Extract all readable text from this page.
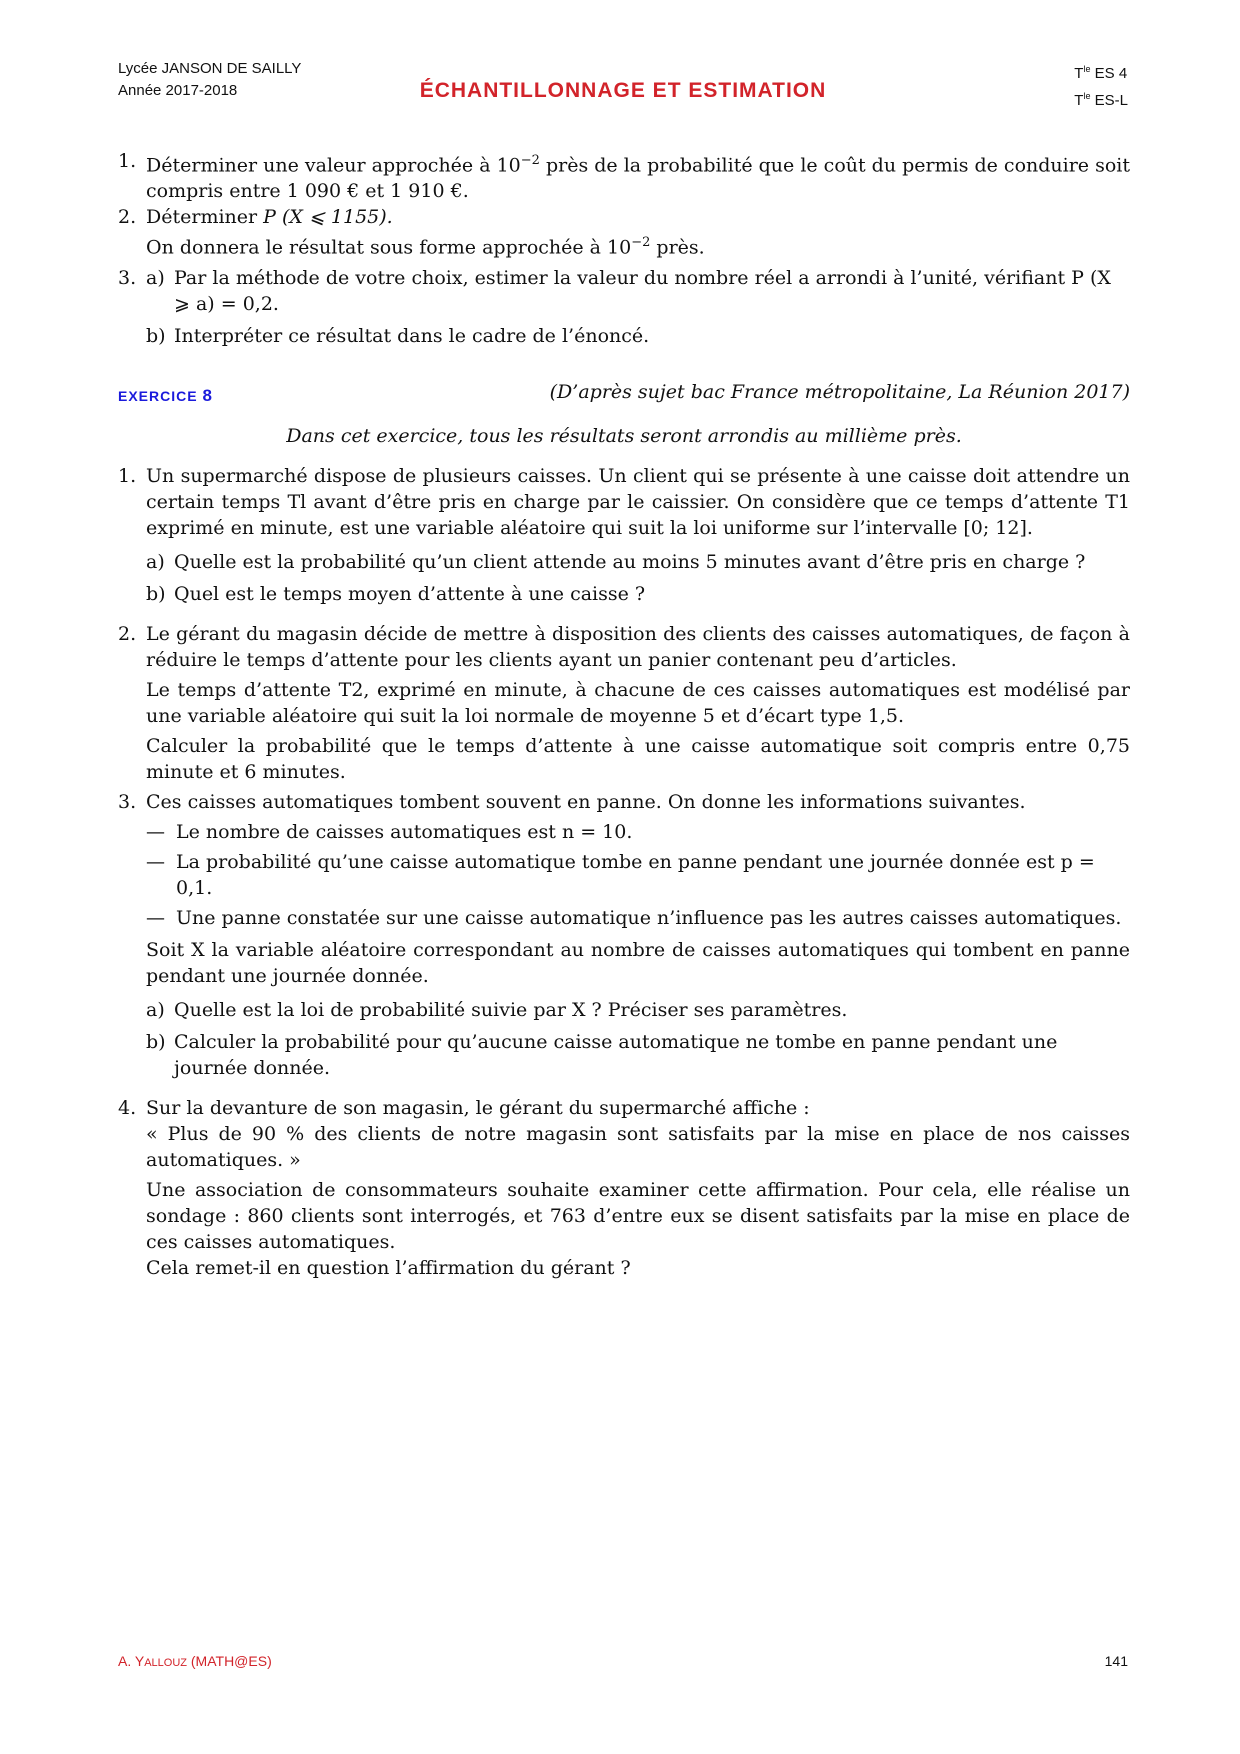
Lycée JANSON DE SAILLY
Année 2017-2018	ÉCHANTILLONNAGE ET ESTIMATION
$T^{le}$ ES 4
$T^{le}$ ES-L
1. Déterminer une valeur approchée à $10^{-2}$ près de la probabilité que le coût du permis de conduire soit compris entre 1 090 € et 1 910 €.
2. Déterminer P (X ⩽ 1155).
On donnera le résultat sous forme approchée à $10^{-2}$ près.
3. a) Par la méthode de votre choix, estimer la valeur du nombre réel a arrondi à l’unité, vérifiant P (X ⩾ a) = 0,2.
b) Interpréter ce résultat dans le cadre de l’énoncé.
EXERCICE 8	(D’après sujet bac France métropolitaine, La Réunion 2017)
Dans cet exercice, tous les résultats seront arrondis au millième près.
1. Un supermarché dispose de plusieurs caisses. Un client qui se présente à une caisse doit attendre un certain temps Tl avant d’être pris en charge par le caissier. On considère que ce temps d’attente T1 exprimé en minute, est une variable aléatoire qui suit la loi uniforme sur l’intervalle [0; 12].
a) Quelle est la probabilité qu’un client attende au moins 5 minutes avant d’être pris en charge ?
b) Quel est le temps moyen d’attente à une caisse ?
2. Le gérant du magasin décide de mettre à disposition des clients des caisses automatiques, de façon à réduire le temps d’attente pour les clients ayant un panier contenant peu d’articles.
Le temps d’attente T2, exprimé en minute, à chacune de ces caisses automatiques est modélisé par une variable aléatoire qui suit la loi normale de moyenne 5 et d’écart type 1,5.
Calculer la probabilité que le temps d’attente à une caisse automatique soit compris entre 0,75 minute et 6 minutes.
3. Ces caisses automatiques tombent souvent en panne. On donne les informations suivantes.
— Le nombre de caisses automatiques est n = 10.
— La probabilité qu’une caisse automatique tombe en panne pendant une journée donnée est p = 0,1.
— Une panne constatée sur une caisse automatique n’influence pas les autres caisses automatiques.
Soit X la variable aléatoire correspondant au nombre de caisses automatiques qui tombent en panne pendant une journée donnée.
a) Quelle est la loi de probabilité suivie par X ? Préciser ses paramètres.
b) Calculer la probabilité pour qu’aucune caisse automatique ne tombe en panne pendant une journée donnée.
4. Sur la devanture de son magasin, le gérant du supermarché affiche :
« Plus de 90 % des clients de notre magasin sont satisfaits par la mise en place de nos caisses automatiques. »
Une association de consommateurs souhaite examiner cette affirmation. Pour cela, elle réalise un sondage : 860 clients sont interrogés, et 763 d’entre eux se disent satisfaits par la mise en place de ces caisses automatiques.
Cela remet-il en question l’affirmation du gérant ?
A. YALLOUZ (MATH@ES)	141
